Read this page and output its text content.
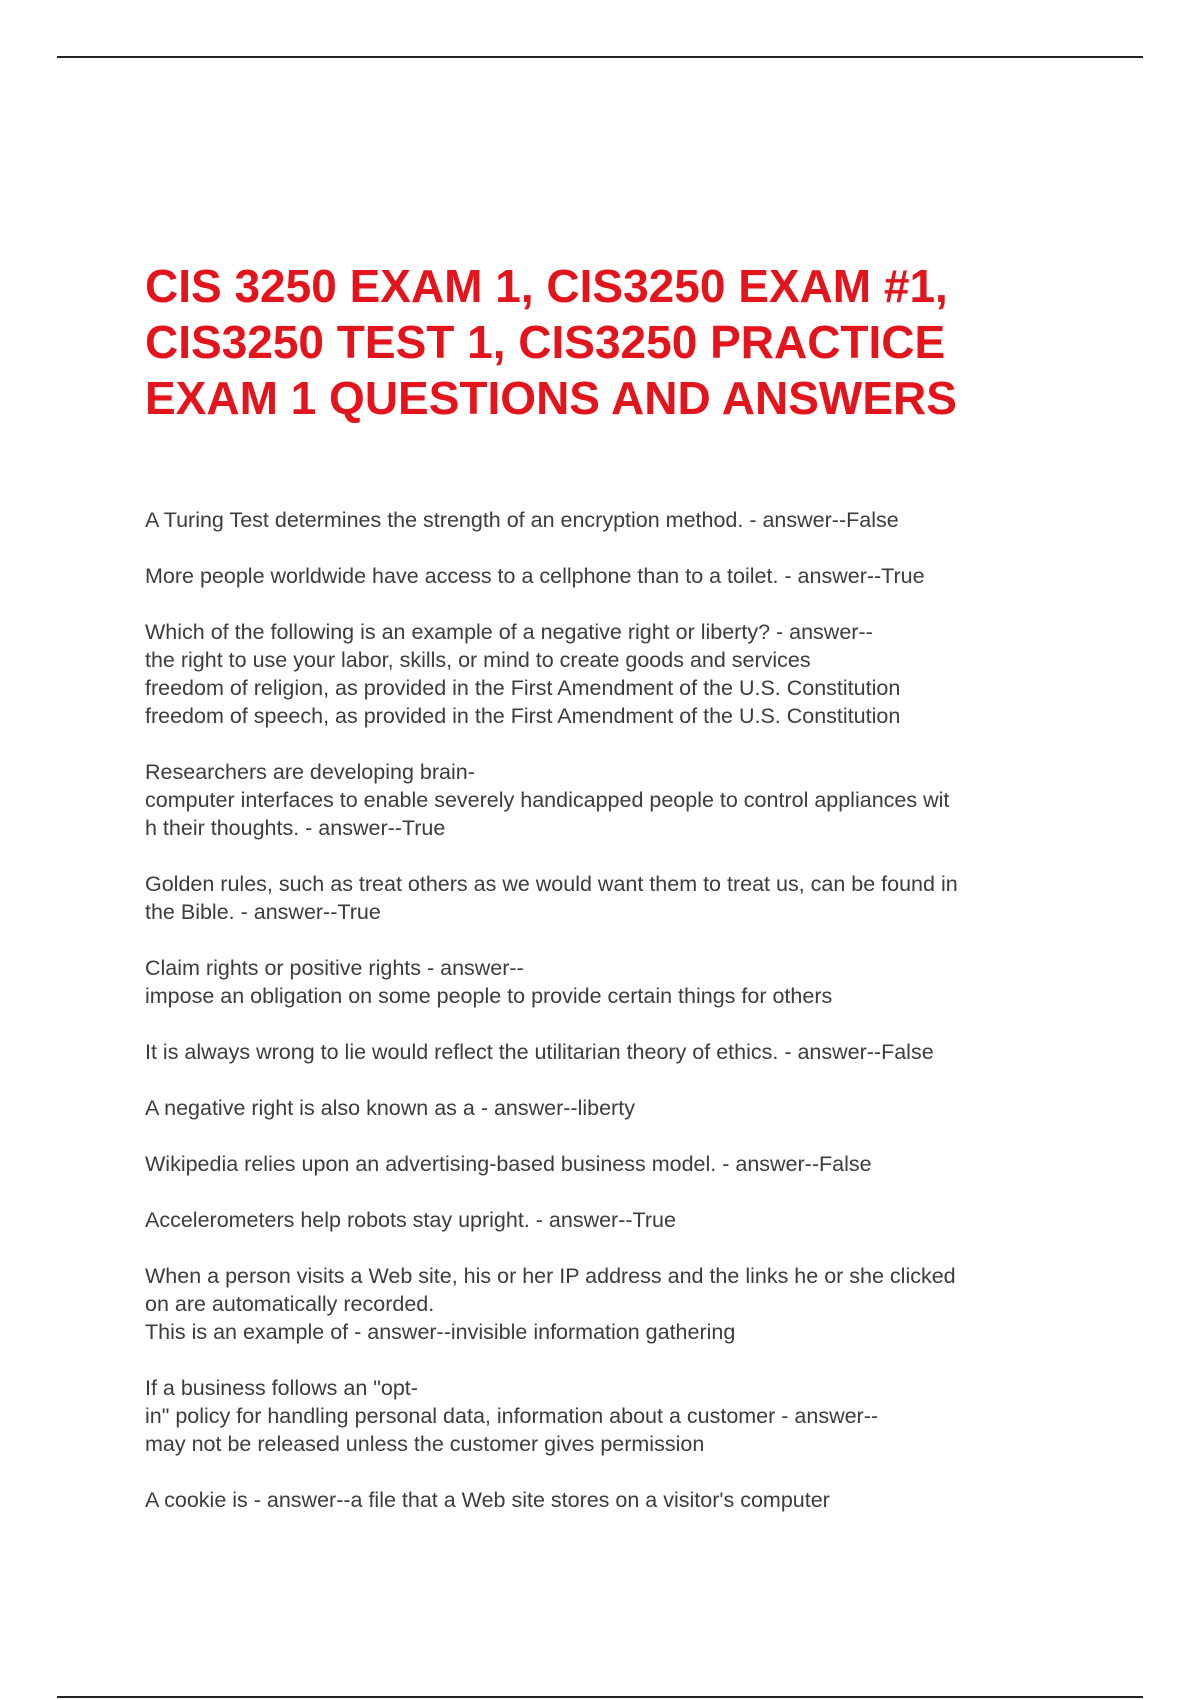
CIS 3250 EXAM 1, CIS3250 EXAM #1,
CIS3250 TEST 1, CIS3250 PRACTICE
EXAM 1 QUESTIONS AND ANSWERS
A Turing Test determines the strength of an encryption method. - answer--False
More people worldwide have access to a cellphone than to a toilet. - answer--True
Which of the following is an example of a negative right or liberty? - answer--
the right to use your labor, skills, or mind to create goods and services
freedom of religion, as provided in the First Amendment of the U.S. Constitution
freedom of speech, as provided in the First Amendment of the U.S. Constitution
Researchers are developing brain-
computer interfaces to enable severely handicapped people to control appliances wit
h their thoughts. - answer--True
Golden rules, such as treat others as we would want them to treat us, can be found in
the Bible. - answer--True
Claim rights or positive rights - answer--
impose an obligation on some people to provide certain things for others
It is always wrong to lie would reflect the utilitarian theory of ethics. - answer--False
A negative right is also known as a - answer--liberty
Wikipedia relies upon an advertising-based business model. - answer--False
Accelerometers help robots stay upright. - answer--True
When a person visits a Web site, his or her IP address and the links he or she clicked
on are automatically recorded.
This is an example of - answer--invisible information gathering
If a business follows an "opt-
in" policy for handling personal data, information about a customer - answer--
may not be released unless the customer gives permission
A cookie is - answer--a file that a Web site stores on a visitor's computer
